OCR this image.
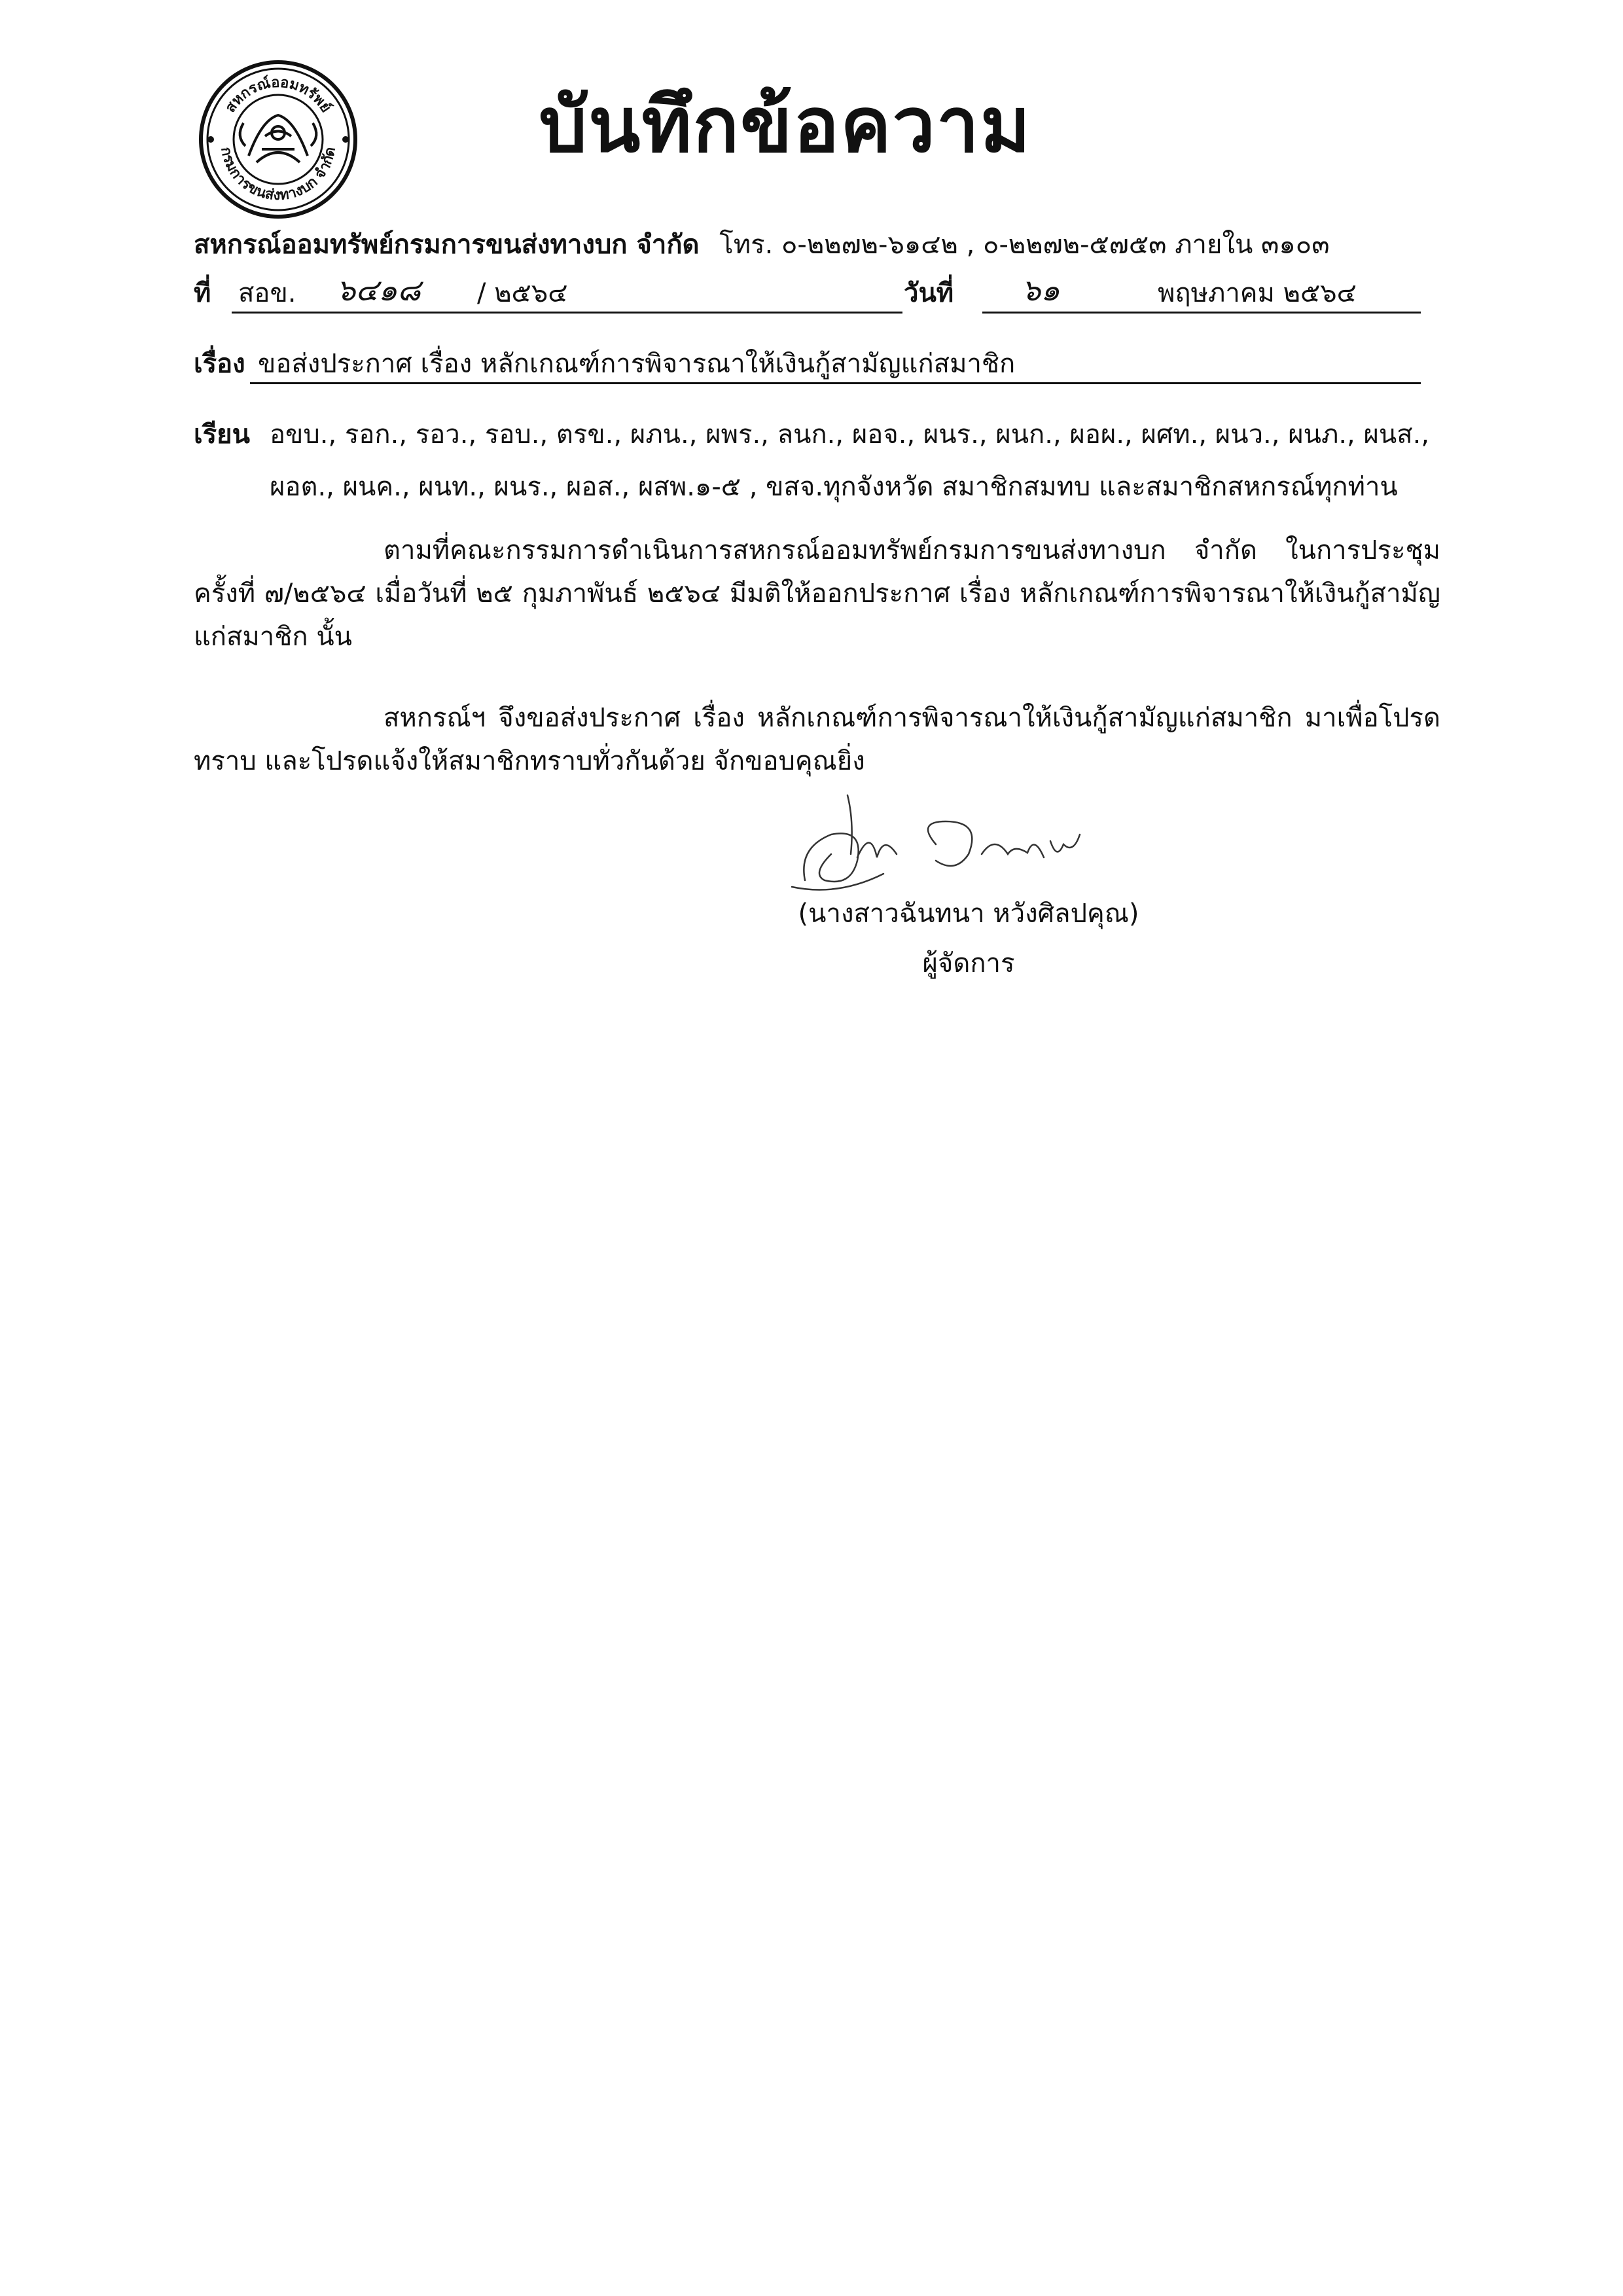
สหกรณ์ออมทรัพย์
กรมการขนส่งทางบก จำกัด	บันทึกข้อความ
สหกรณ์ออมทรัพย์กรมการขนส่งทางบก จำกัด โทร. ๐-๒๒๗๒-๖๑๔๒ , ๐-๒๒๗๒-๕๗๕๓ ภายใน ๓๑๐๓
ที่ สอข. ๖๔๑๘ / ๒๕๖๔	วันที่ ๖๑	พฤษภาคม ๒๕๖๔
เรื่อง ขอส่งประกาศ เรื่อง หลักเกณฑ์การพิจารณาให้เงินกู้สามัญแก่สมาชิก
เรียน อขบ., รอก., รอว., รอบ., ตรข., ผภน., ผพร., ลนก., ผอจ., ผนร., ผนก., ผอผ., ผศท., ผนว., ผนภ., ผนส.,
ผอต., ผนค., ผนท., ผนร., ผอส., ผสพ.๑-๕ , ขสจ.ทุกจังหวัด สมาชิกสมทบ และสมาชิกสหกรณ์ทุกท่าน

ตามที่คณะกรรมการดำเนินการสหกรณ์ออมทรัพย์กรมการขนส่งทางบก จำกัด ในการประชุม ครั้งที่ ๗/๒๕๖๔ เมื่อวันที่ ๒๕ กุมภาพันธ์ ๒๕๖๔ มีมติให้ออกประกาศ เรื่อง หลักเกณฑ์การพิจารณาให้เงินกู้สามัญแก่สมาชิก นั้น

สหกรณ์ฯ จึงขอส่งประกาศ เรื่อง หลักเกณฑ์การพิจารณาให้เงินกู้สามัญแก่สมาชิก มาเพื่อโปรดทราบ และโปรดแจ้งให้สมาชิกทราบทั่วกันด้วย จักขอบคุณยิ่ง

(นางสาวฉันทนา หวังศิลปคุณ)
ผู้จัดการ
